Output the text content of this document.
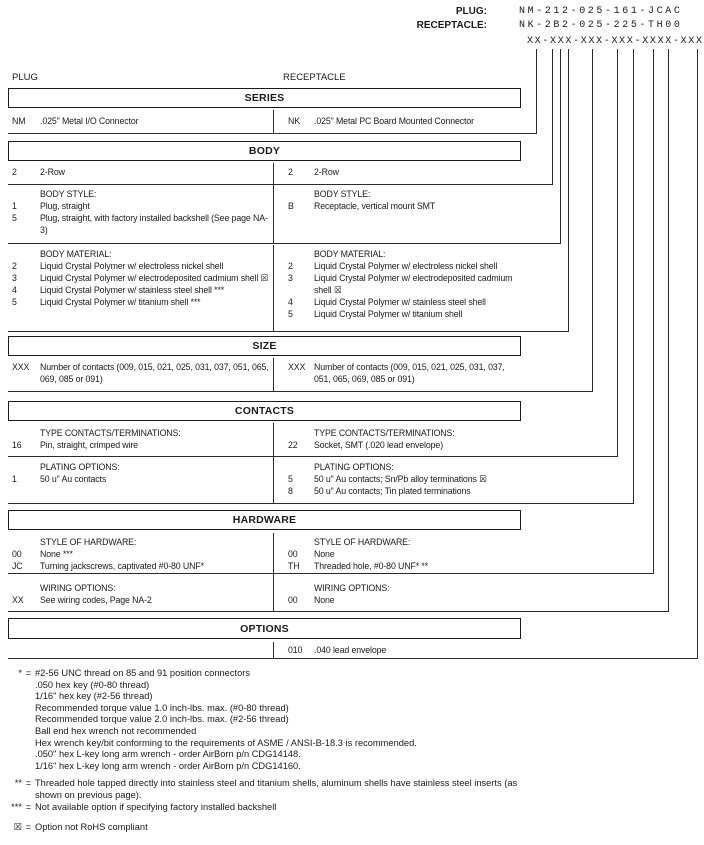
PLUG:	NM-212-025-161-JCAC
RECEPTACLE:	NK-2B2-025-225-TH00
XX-XXX-XXX-XXX-XXXX-XXX
PLUG	RECEPTACLE
SERIES
NM	.025" Metal I/O Connector	NK	.025" Metal PC Board Mounted Connector
BODY
2	2-Row	2	2-Row
BODY STYLE:
1	Plug, straight
5	Plug, straight, with factory installed backshell (See page NA-3)
BODY STYLE:
B	Receptacle, vertical mount SMT
BODY MATERIAL:
2	Liquid Crystal Polymer w/ electroless nickel shell
3	Liquid Crystal Polymer w/ electrodeposited cadmium shell ☒
4	Liquid Crystal Polymer w/ stainless steel shell ***
5	Liquid Crystal Polymer w/ titanium shell ***
BODY MATERIAL:
2	Liquid Crystal Polymer w/ electroless nickel shell
3	Liquid Crystal Polymer w/ electrodeposited cadmium shell ☒
4	Liquid Crystal Polymer w/ stainless steel shell
5	Liquid Crystal Polymer w/ titanium shell
SIZE
XXX	Number of contacts (009, 015, 021, 025, 031, 037, 051, 065, 069, 085 or 091)
XXX Number of contacts (009, 015, 021, 025, 031, 037, 051, 065, 069, 085 or 091)
CONTACTS
TYPE CONTACTS/TERMINATIONS:
16	Pin, straight, crimped wire
TYPE CONTACTS/TERMINATIONS:
22	Socket, SMT (.020 lead envelope)
PLATING OPTIONS:
1	50 u" Au contacts
PLATING OPTIONS:
5	50 u" Au contacts; Sn/Pb alloy terminations ☒
8	50 u" Au contacts; Tin plated terminations
HARDWARE
STYLE OF HARDWARE:
00	None ***
JC	Turning jackscrews, captivated #0-80 UNF*
STYLE OF HARDWARE:
00	None
TH	Threaded hole, #0-80 UNF* **
WIRING OPTIONS:
XX	See wiring codes, Page NA-2
WIRING OPTIONS:
00	None
OPTIONS
010	.040 lead envelope
* = #2-56 UNC thread on 85 and 91 position connectors
.050 hex key (#0-80 thread)
1/16" hex key (#2-56 thread)
Recommended torque value 1.0 inch-lbs. max. (#0-80 thread)
Recommended torque value 2.0 inch-lbs. max. (#2-56 thread)
Ball end hex wrench not recommended
Hex wrench key/bit conforming to the requirements of ASME / ANSI-B-18.3 is recommended.
.050" hex L-key long arm wrench - order AirBorn p/n CDG14148.
1/16" hex L-key long arm wrench - order AirBorn p/n CDG14160.
** = Threaded hole tapped directly into stainless steel and titanium shells, aluminum shells have stainless steel inserts (as shown on previous page).
*** = Not available option if specifying factory installed backshell
☒ = Option not RoHS compliant
